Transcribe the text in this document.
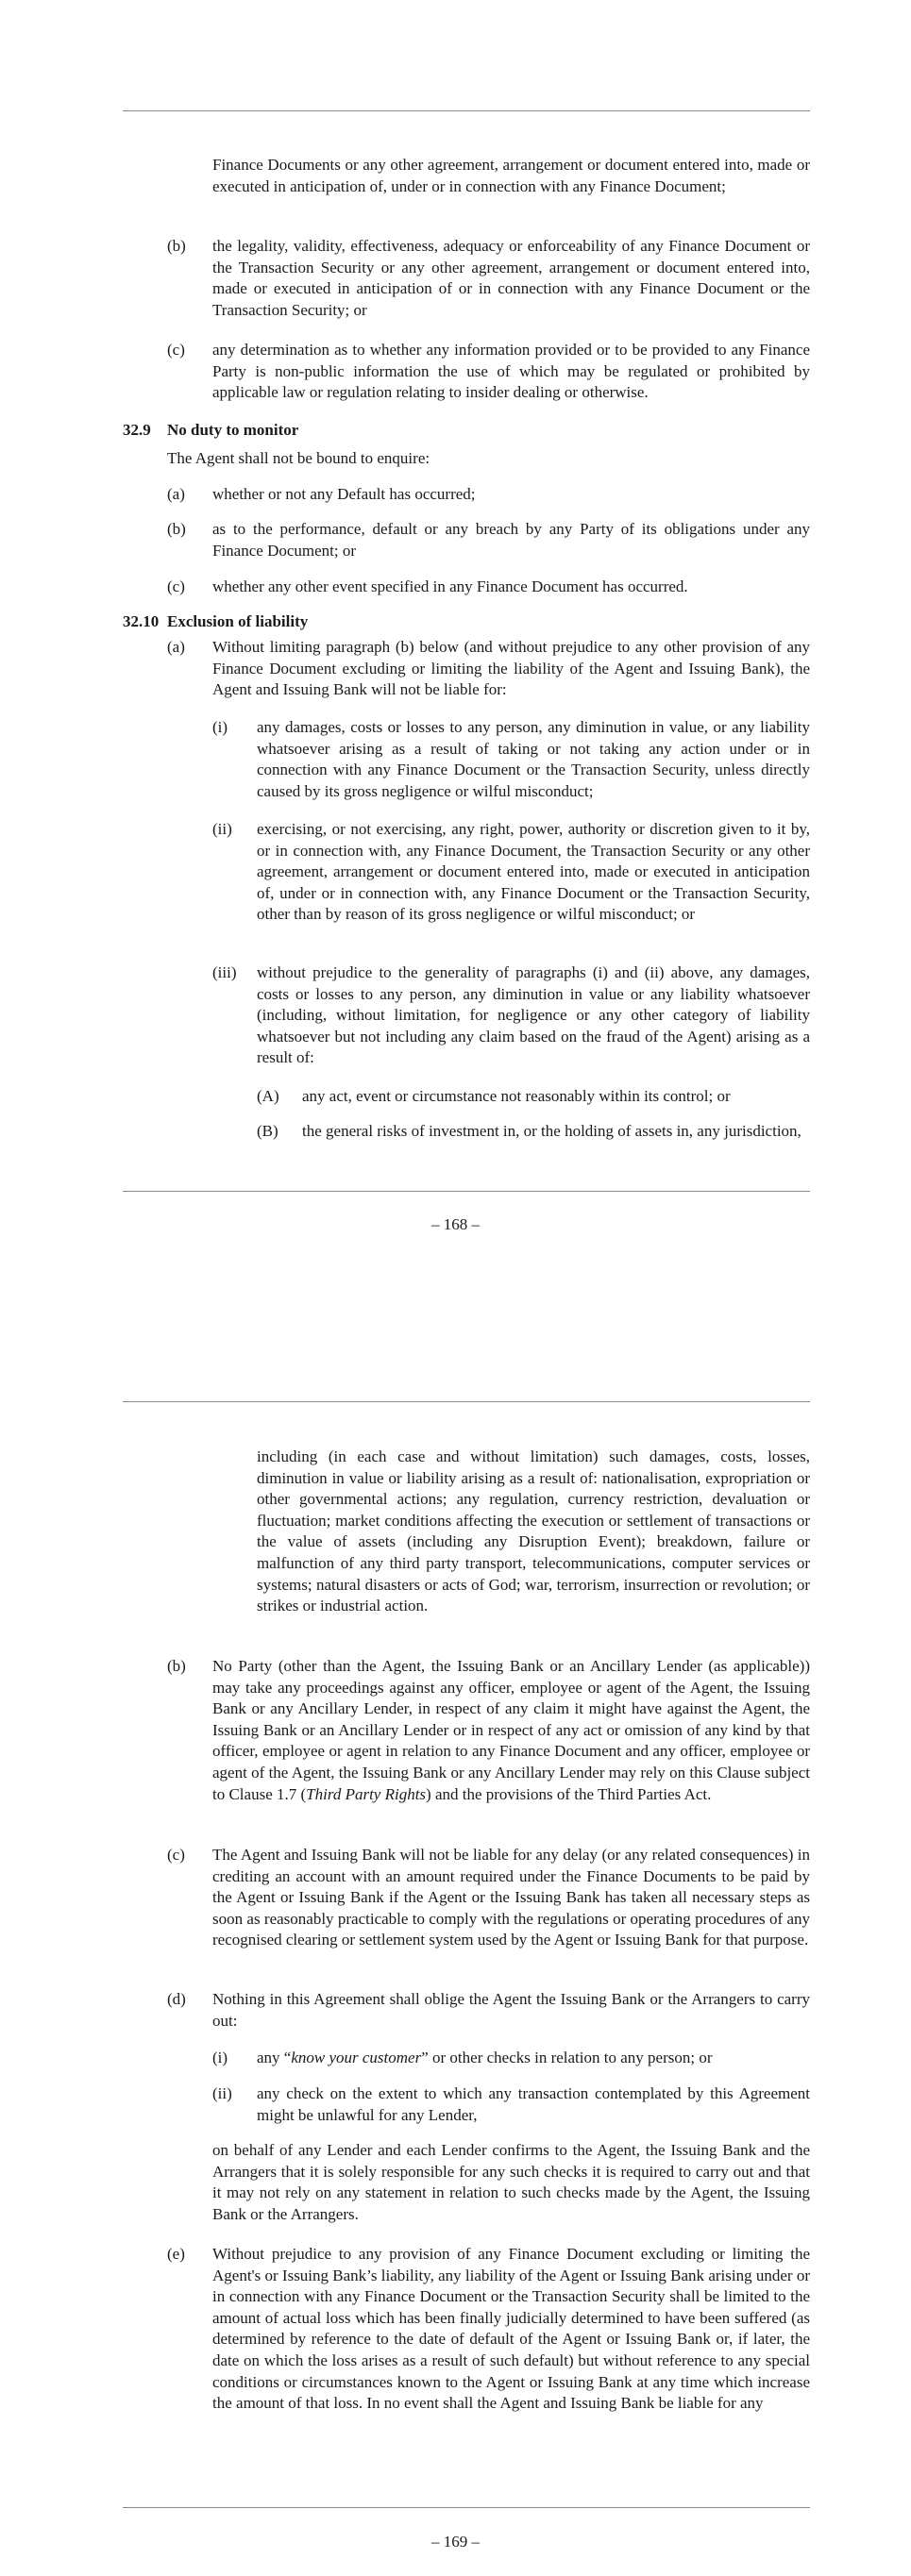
Finance Documents or any other agreement, arrangement or document entered into, made or executed in anticipation of, under or in connection with any Finance Document;
(b) the legality, validity, effectiveness, adequacy or enforceability of any Finance Document or the Transaction Security or any other agreement, arrangement or document entered into, made or executed in anticipation of or in connection with any Finance Document or the Transaction Security; or
(c) any determination as to whether any information provided or to be provided to any Finance Party is non-public information the use of which may be regulated or prohibited by applicable law or regulation relating to insider dealing or otherwise.
32.9 No duty to monitor
The Agent shall not be bound to enquire:
(a) whether or not any Default has occurred;
(b) as to the performance, default or any breach by any Party of its obligations under any Finance Document; or
(c) whether any other event specified in any Finance Document has occurred.
32.10 Exclusion of liability
(a) Without limiting paragraph (b) below (and without prejudice to any other provision of any Finance Document excluding or limiting the liability of the Agent and Issuing Bank), the Agent and Issuing Bank will not be liable for:
(i) any damages, costs or losses to any person, any diminution in value, or any liability whatsoever arising as a result of taking or not taking any action under or in connection with any Finance Document or the Transaction Security, unless directly caused by its gross negligence or wilful misconduct;
(ii) exercising, or not exercising, any right, power, authority or discretion given to it by, or in connection with, any Finance Document, the Transaction Security or any other agreement, arrangement or document entered into, made or executed in anticipation of, under or in connection with, any Finance Document or the Transaction Security, other than by reason of its gross negligence or wilful misconduct; or
(iii) without prejudice to the generality of paragraphs (i) and (ii) above, any damages, costs or losses to any person, any diminution in value or any liability whatsoever (including, without limitation, for negligence or any other category of liability whatsoever but not including any claim based on the fraud of the Agent) arising as a result of:
(A) any act, event or circumstance not reasonably within its control; or
(B) the general risks of investment in, or the holding of assets in, any jurisdiction,
– 168 –
including (in each case and without limitation) such damages, costs, losses, diminution in value or liability arising as a result of: nationalisation, expropriation or other governmental actions; any regulation, currency restriction, devaluation or fluctuation; market conditions affecting the execution or settlement of transactions or the value of assets (including any Disruption Event); breakdown, failure or malfunction of any third party transport, telecommunications, computer services or systems; natural disasters or acts of God; war, terrorism, insurrection or revolution; or strikes or industrial action.
(b) No Party (other than the Agent, the Issuing Bank or an Ancillary Lender (as applicable)) may take any proceedings against any officer, employee or agent of the Agent, the Issuing Bank or any Ancillary Lender, in respect of any claim it might have against the Agent, the Issuing Bank or an Ancillary Lender or in respect of any act or omission of any kind by that officer, employee or agent in relation to any Finance Document and any officer, employee or agent of the Agent, the Issuing Bank or any Ancillary Lender may rely on this Clause subject to Clause 1.7 (Third Party Rights) and the provisions of the Third Parties Act.
(c) The Agent and Issuing Bank will not be liable for any delay (or any related consequences) in crediting an account with an amount required under the Finance Documents to be paid by the Agent or Issuing Bank if the Agent or the Issuing Bank has taken all necessary steps as soon as reasonably practicable to comply with the regulations or operating procedures of any recognised clearing or settlement system used by the Agent or Issuing Bank for that purpose.
(d) Nothing in this Agreement shall oblige the Agent the Issuing Bank or the Arrangers to carry out:
(i) any “know your customer” or other checks in relation to any person; or
(ii) any check on the extent to which any transaction contemplated by this Agreement might be unlawful for any Lender,
on behalf of any Lender and each Lender confirms to the Agent, the Issuing Bank and the Arrangers that it is solely responsible for any such checks it is required to carry out and that it may not rely on any statement in relation to such checks made by the Agent, the Issuing Bank or the Arrangers.
(e) Without prejudice to any provision of any Finance Document excluding or limiting the Agent's or Issuing Bank’s liability, any liability of the Agent or Issuing Bank arising under or in connection with any Finance Document or the Transaction Security shall be limited to the amount of actual loss which has been finally judicially determined to have been suffered (as determined by reference to the date of default of the Agent or Issuing Bank or, if later, the date on which the loss arises as a result of such default) but without reference to any special conditions or circumstances known to the Agent or Issuing Bank at any time which increase the amount of that loss. In no event shall the Agent and Issuing Bank be liable for any
– 169 –
